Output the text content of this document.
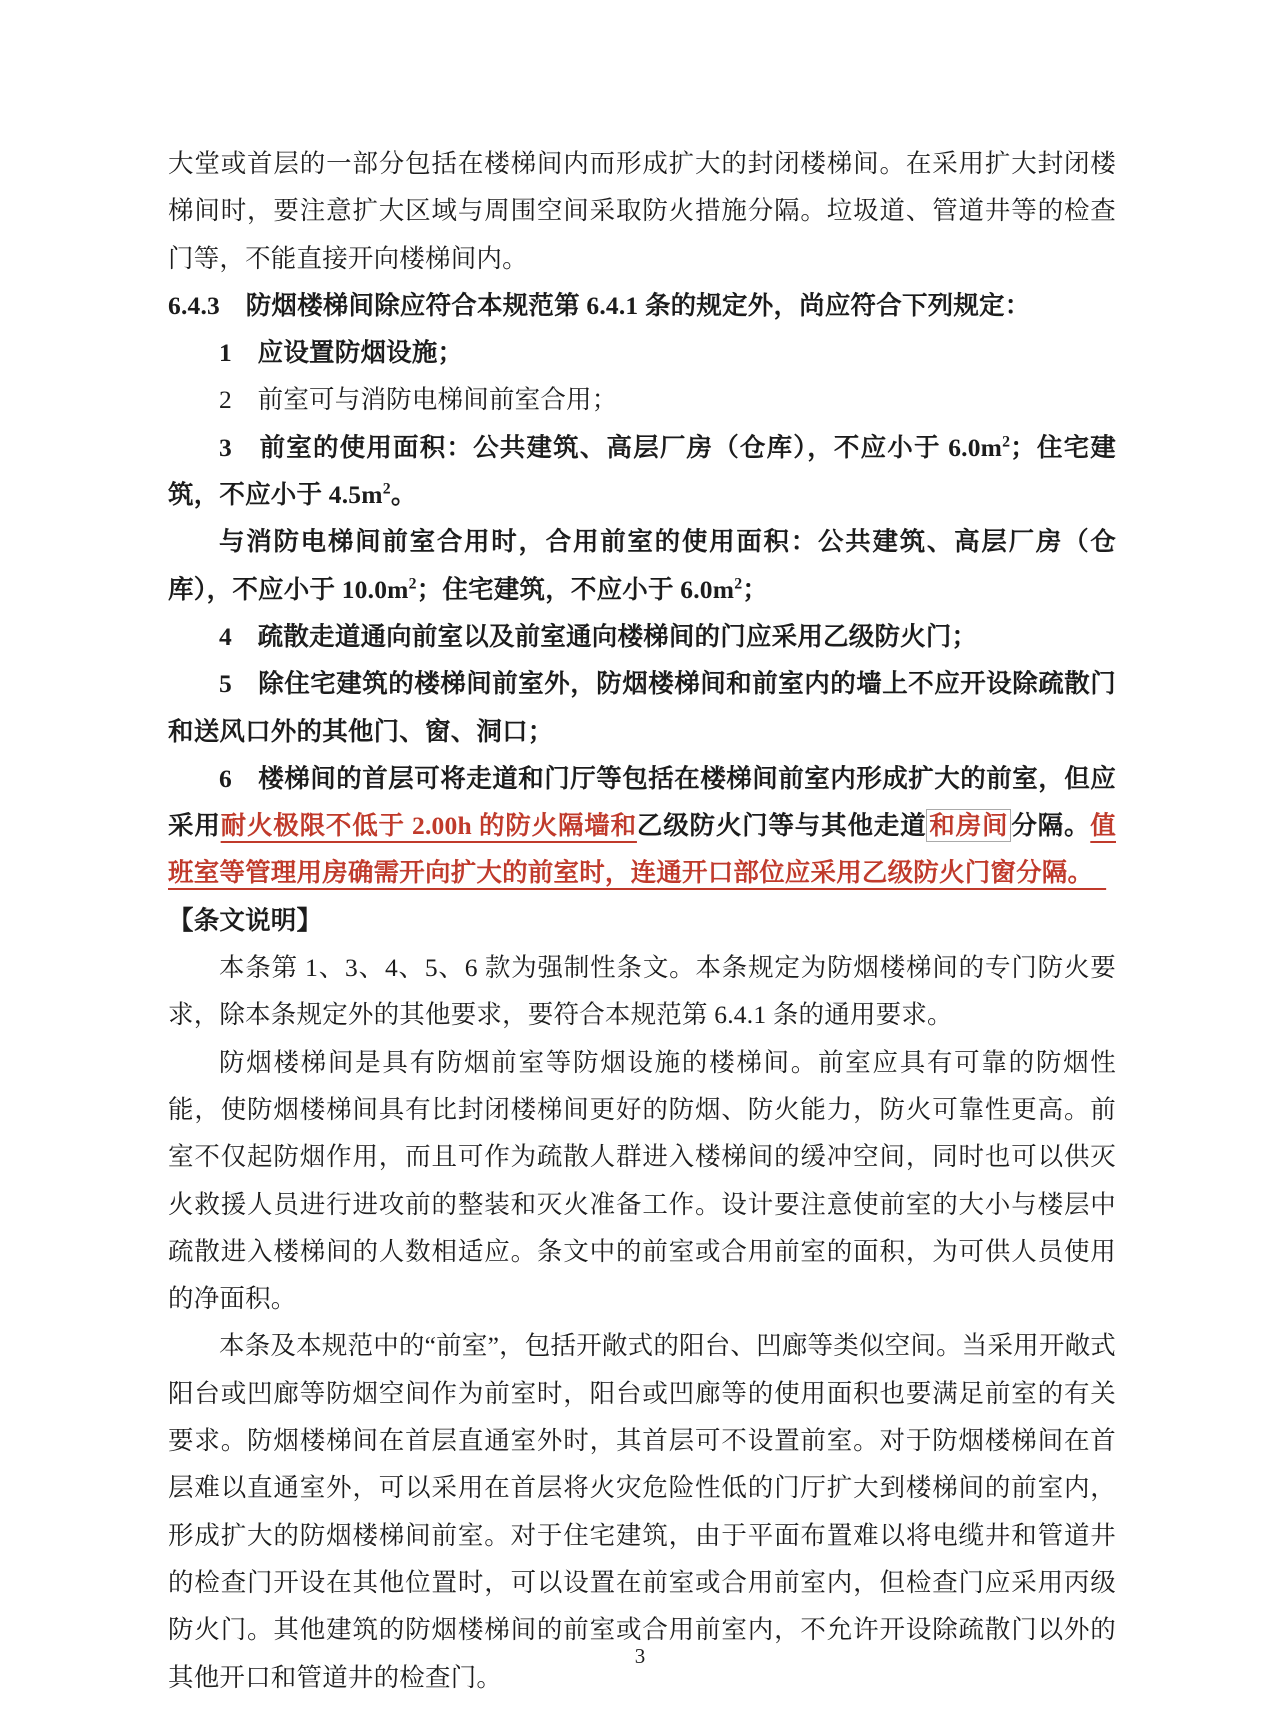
大堂或首层的一部分包括在楼梯间内而形成扩大的封闭楼梯间。在采用扩大封闭楼梯间时，要注意扩大区域与周围空间采取防火措施分隔。垃圾道、管道井等的检查门等，不能直接开向楼梯间内。

6.4.3　防烟楼梯间除应符合本规范第 6.4.1 条的规定外，尚应符合下列规定：

1　应设置防烟设施；

2　前室可与消防电梯间前室合用；

3　前室的使用面积：公共建筑、高层厂房（仓库），不应小于 $6.0m^2$；住宅建筑，不应小于 $4.5m^2$。

与消防电梯间前室合用时，合用前室的使用面积：公共建筑、高层厂房（仓库），不应小于 $10.0m^2$；住宅建筑，不应小于 $6.0m^2$；

4　疏散走道通向前室以及前室通向楼梯间的门应采用乙级防火门；

5　除住宅建筑的楼梯间前室外，防烟楼梯间和前室内的墙上不应开设除疏散门和送风口外的其他门、窗、洞口；

6　楼梯间的首层可将走道和门厅等包括在楼梯间前室内形成扩大的前室，但应采用耐火极限不低于 2.00h 的防火隔墙和乙级防火门等与其他走道 和房间 分隔。值班室等管理用房确需开向扩大的前室时，连通开口部位应采用乙级防火门窗分隔。　

【条文说明】

本条第 1、3、4、5、6 款为强制性条文。本条规定为防烟楼梯间的专门防火要求，除本条规定外的其他要求，要符合本规范第 6.4.1 条的通用要求。

防烟楼梯间是具有防烟前室等防烟设施的楼梯间。前室应具有可靠的防烟性能，使防烟楼梯间具有比封闭楼梯间更好的防烟、防火能力，防火可靠性更高。前室不仅起防烟作用，而且可作为疏散人群进入楼梯间的缓冲空间，同时也可以供灭火救援人员进行进攻前的整装和灭火准备工作。设计要注意使前室的大小与楼层中疏散进入楼梯间的人数相适应。条文中的前室或合用前室的面积，为可供人员使用的净面积。

本条及本规范中的“前室”，包括开敞式的阳台、凹廊等类似空间。当采用开敞式阳台或凹廊等防烟空间作为前室时，阳台或凹廊等的使用面积也要满足前室的有关要求。防烟楼梯间在首层直通室外时，其首层可不设置前室。对于防烟楼梯间在首层难以直通室外，可以采用在首层将火灾危险性低的门厅扩大到楼梯间的前室内，形成扩大的防烟楼梯间前室。对于住宅建筑，由于平面布置难以将电缆井和管道井的检查门开设在其他位置时，可以设置在前室或合用前室内，但检查门应采用丙级防火门。其他建筑的防烟楼梯间的前室或合用前室内，不允许开设除疏散门以外的其他开口和管道井的检查门。

3
